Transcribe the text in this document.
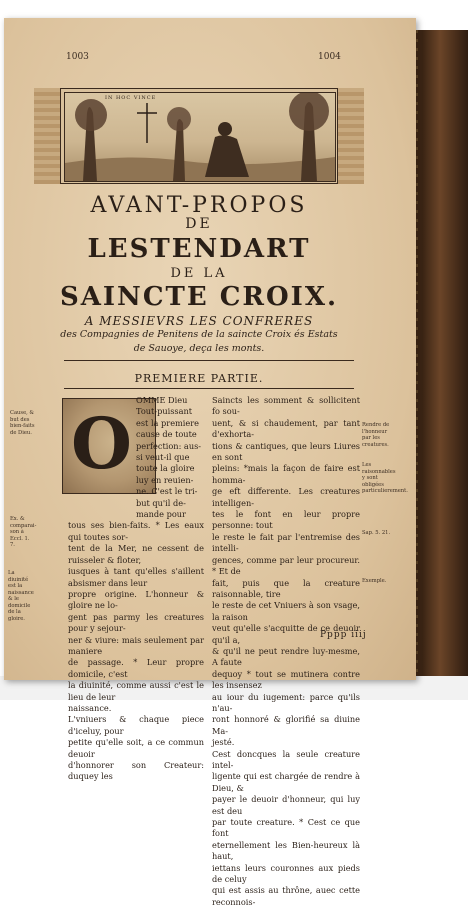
1003	1004
IN HOC VINCE
AVANT-PROPOS
DE
LESTENDART
DE LA
SAINCTE CROIX.
A MESSIEVRS LES CONFRERES
des Compagnies de Penitens de la saincte Croix és Estats
de Sauoye, deça les monts.
PREMIERE PARTIE.
O

OMME Dieu

Tout-puissant

est la premiere

cause de toute

perfection: aus-

si veut-il que

toute la gloire

luy en reuien-

ne. C'est le tri-

but qu'il de-

mande pour

tous ses bien-faits. * Les eaux qui toutes sor-

tent de la Mer, ne cessent de ruisseler & floter,

iusques à tant qu'elles s'aillent absismer dans leur

propre origine. L'honneur & gloire ne lo-

gent pas parmy les creatures pour y sejour-

ner & viure: mais seulement par maniere

de passage. * Leur propre domicile, c'est

la diuinité, comme aussi c'est le lieu de leur

naissance.

L'vniuers & chaque piece d'iceluy, pour

petite qu'elle soit, a ce commun deuoir

d'honnorer son Createur: duquey les

Saincts les somment & sollicitent fo sou-

uent, & si chaudement, par tant d'exhorta-

tions & cantiques, que leurs Liures en sont

pleins: *mais la façon de faire est homma-

ge eft differente. Les creatures intelligen-

tes le font en leur propre personne: tout

le reste le fait par l'entremise des intelli-

gences, comme par leur procureur. * Et de

fait, puis que la creature raisonnable, tire

le reste de cet Vniuers à son vsage, la raison

veut qu'elle s'acquitte de ce deuoir qu'il a,

& qu'il ne peut rendre luy-mesme, A faute

dequoy * tout se mutinera contre les insensez

au iour du iugement: parce qu'ils n'au-

ront honnoré & glorifié sa diuine Ma-

jesté.

Cest doncques la seule creature intel-

ligente qui est chargée de rendre à Dieu, &

payer le deuoir d'honneur, qui luy est deu

par toute creature. * Cest ce que font

eternellement les Bien-heureux là haut,

iettans leurs couronnes aux pieds de celuy

qui est assis au thrône, auec cette reconnois-

Cause, & but des bien-faits de Dieu.
Ex. & comparai-son à Eccl. 1. 7.
La diuinité est la naissance & le domicile de la gloire.
Rendre de l'honneur par les creatures.
Les raisonnables y sont obligées particulierement.
Sap. 5. 21.
Exemple.
Pppp iiij
